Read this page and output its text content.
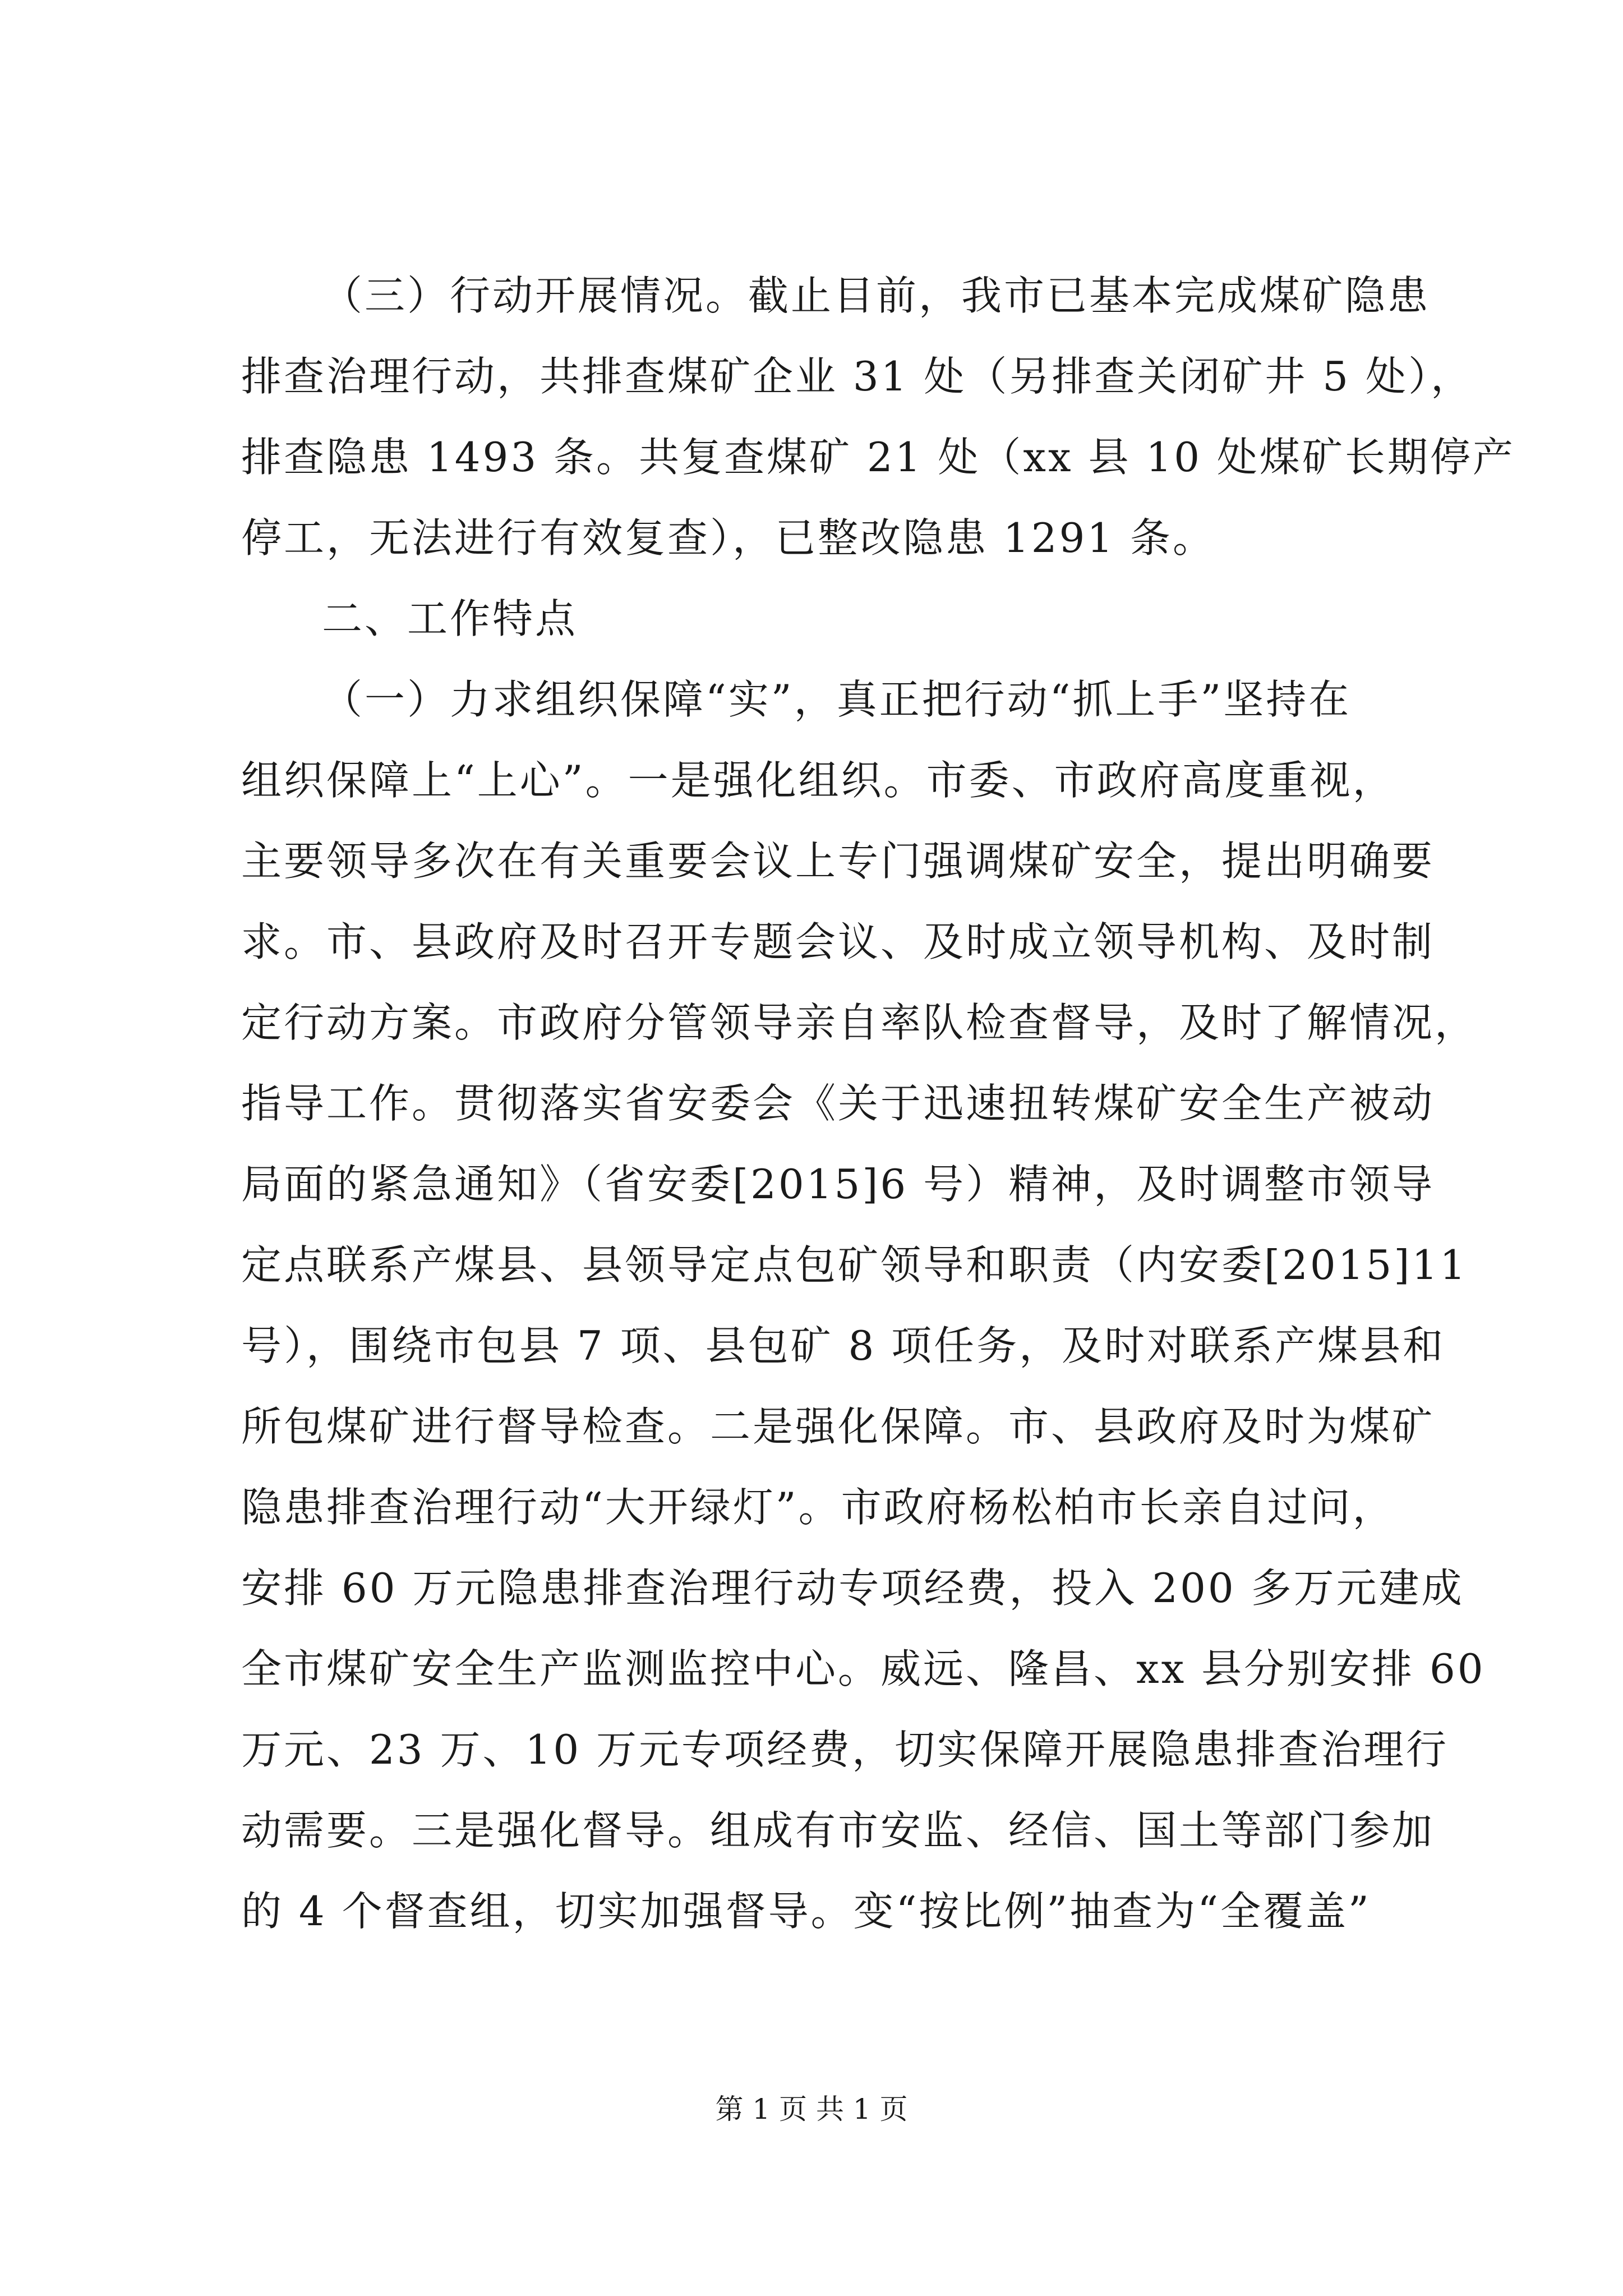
（三）行动开展情况。截止目前，我市已基本完成煤矿隐患
排查治理行动，共排查煤矿企业 31 处（另排查关闭矿井 5 处），
排查隐患 1493 条。共复查煤矿 21 处（xx 县 10 处煤矿长期停产
停工，无法进行有效复查），已整改隐患 1291 条。
二、工作特点
（一）力求组织保障“实”，真正把行动“抓上手”坚持在
组织保障上“上心”。一是强化组织。市委、市政府高度重视，
主要领导多次在有关重要会议上专门强调煤矿安全，提出明确要
求。市、县政府及时召开专题会议、及时成立领导机构、及时制
定行动方案。市政府分管领导亲自率队检查督导，及时了解情况，
指导工作。贯彻落实省安委会《关于迅速扭转煤矿安全生产被动
局面的紧急通知》（省安委[2015]6 号）精神，及时调整市领导
定点联系产煤县、县领导定点包矿领导和职责（内安委[2015]11
号），围绕市包县 7 项、县包矿 8 项任务，及时对联系产煤县和
所包煤矿进行督导检查。二是强化保障。市、县政府及时为煤矿
隐患排查治理行动“大开绿灯”。市政府杨松柏市长亲自过问，
安排 60 万元隐患排查治理行动专项经费，投入 200 多万元建成
全市煤矿安全生产监测监控中心。威远、隆昌、xx 县分别安排 60
万元、23 万、10 万元专项经费，切实保障开展隐患排查治理行
动需要。三是强化督导。组成有市安监、经信、国土等部门参加
的 4 个督查组，切实加强督导。变“按比例”抽查为“全覆盖”
第 1 页 共 1 页
